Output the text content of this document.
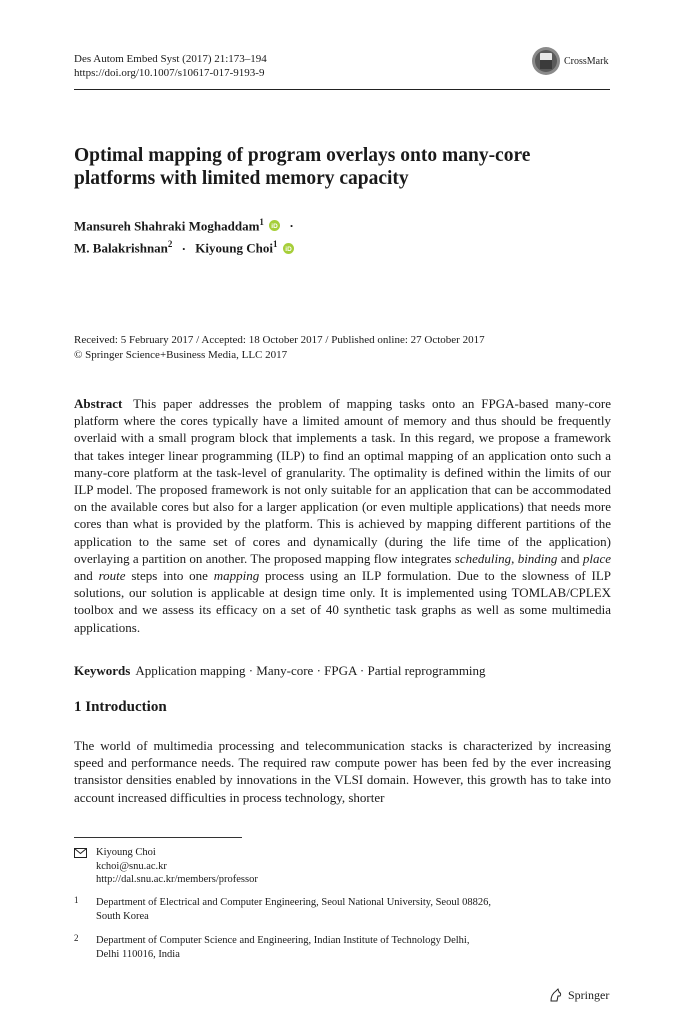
Des Autom Embed Syst (2017) 21:173–194
https://doi.org/10.1007/s10617-017-9193-9
CrossMark
Optimal mapping of program overlays onto many-core platforms with limited memory capacity
Mansureh Shahraki Moghaddam$^1$ iD ·
M. Balakrishnan$^2$ · Kiyoung Choi$^1$ iD
Received: 5 February 2017 / Accepted: 18 October 2017 / Published online: 27 October 2017
© Springer Science+Business Media, LLC 2017
Abstract This paper addresses the problem of mapping tasks onto an FPGA-based many-core platform where the cores typically have a limited amount of memory and thus should be frequently overlaid with a small program block that implements a task. In this regard, we propose a framework that takes integer linear programming (ILP) to find an optimal mapping of an application onto such a many-core platform at the task-level of granularity. The optimality is defined within the limits of our ILP model. The proposed framework is not only suitable for an application that can be accommodated on the available cores but also for a larger application (or even multiple applications) that needs more cores than what is provided by the platform. This is achieved by mapping different partitions of the application to the same set of cores and dynamically (during the life time of the application) overlaying a partition on another. The proposed mapping flow integrates scheduling, binding and place and route steps into one mapping process using an ILP formulation. Due to the slowness of ILP solutions, our solution is applicable at design time only. It is implemented using TOMLAB/CPLEX toolbox and we assess its efficacy on a set of 40 synthetic task graphs as well as some multimedia applications.
Keywords Application mapping · Many-core · FPGA · Partial reprogramming
1 Introduction
The world of multimedia processing and telecommunication stacks is characterized by increasing speed and performance needs. The required raw compute power has been fed by the ever increasing transistor densities enabled by innovations in the VLSI domain. However, this growth has to take into account increased difficulties in process technology, shorter
Kiyoung Choi
kchoi@snu.ac.kr
http://dal.snu.ac.kr/members/professor
1	Department of Electrical and Computer Engineering, Seoul National University, Seoul 08826,
South Korea
2	Department of Computer Science and Engineering, Indian Institute of Technology Delhi,
Delhi 110016, India
Springer
